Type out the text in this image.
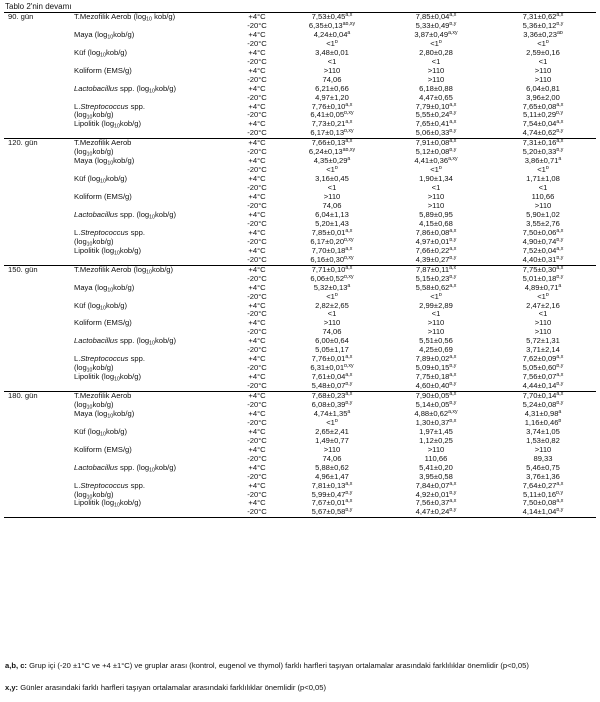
Tablo 2'nin devamı
90. gün	T.Mezofilik Aerob ($\log_{10}$ kob/g)	+4°C	$7,53\pm 0,45^{a,x}$	$7,85\pm 0,04^{a,x}$	$7,31\pm 0,62^{a,x}$
		-20°C	$6,35\pm 0,13^{ab,xy}$	$5,33\pm 0,49^{b,y}$	$5,36\pm 0,12^{b,y}$
	Maya $(\log_{10}kob/g)$	+4°C	4,24±0,04$^a$	$3,87\pm 0,49^{a,xy}$	3,36±0,23$^{ab}$
		-20°C	$<1^b$	$<1^b$	$<1^b$
	Küf $(\log_{10}kob/g)$	+4°C	3,48±0,01	2,80±0,28	2,59±0,16
		-20°C	<1	<1	<1
	Koliform (EMS/g)	+4°C	>110	>110	>110
		-20°C	74,06	>110	>110
	Lactobacillus spp. $(\log_{10}kob/g)$	+4°C	6,21±0,66	6,18±0,88	6,04±0,81
		-20°C	4,97±1,20	4,47±0,65	3,96±2,00
	L.Streptococcus spp.	+4°C	$7,76\pm 0,10^{a,x}$	$7,79\pm 0,10^{a,x}$	$7,65\pm 0,08^{a,x}$
	$(\log_{10}kob/g)$	-20°C	$6,41\pm 0,05^{b,xy}$	$5,55\pm 0,24^{b,y}$	$5,11\pm 0,29^{b,y}$
	Lipolitik $(\log_{10}kob/g)$	+4°C	$7,73\pm 0,21^{a,x}$	$7,65\pm 0,41^{a,x}$	$7,54\pm 0,04^{a,x}$
		-20°C	$6,17\pm 0,13^{b,xy}$	$5,06\pm 0,33^{b,y}$	$4,74\pm 0,62^{b,y}$
120. gün	T.Mezofilik Aerob	+4°C	$7,66\pm 0,13^{a,x}$	$7,91\pm 0,08^{a,x}$	$7,31\pm 0,16^{a,x}$
	$(\log_{10}kob/g)$	-20°C	$6,24\pm 0,13^{ab,xy}$	$5,12\pm 0,08^{b,y}$	$5,20\pm 0,33^{b,y}$
	Maya $(\log_{10}kob/g)$	+4°C	4,35±0,29$^a$	$4,41\pm 0,36^{a,xy}$	3,86±0,71$^a$
		-20°C	$<1^b$	$<1^b$	$<1^b$
	Küf $(\log_{10}kob/g)$	+4°C	3,16±0,45	1,90±1,34	1,71±1,08
		-20°C	<1	<1	<1
	Koliform (EMS/g)	+4°C	>110	>110	110,66
		-20°C	74,06	>110	>110
	Lactobacillus spp. $(\log_{10}kob/g)$	+4°C	6,04±1,13	5,89±0,95	5,90±1,02
		-20°C	5,20±1,43	4,15±0,68	3,55±2,76
	L.Streptococcus spp.	+4°C	$7,85\pm 0,01^{a,x}$	$7,86\pm 0,08^{a,x}$	$7,50\pm 0,06^{a,x}$
	$(\log_{10}kob/g)$	-20°C	$6,17\pm 0,20^{b,xy}$	$4,97\pm 0,01^{b,y}$	$4,90\pm 0,74^{b,y}$
	Lipolitik $(\log_{10}kob/g)$	+4°C	$7,70\pm 0,18^{a,x}$	$7,66\pm 0,22^{a,x}$	$7,52\pm 0,04^{a,x}$
		-20°C	$6,16\pm 0,30^{b,xy}$	$4,39\pm 0,27^{b,y}$	$4,40\pm 0,31^{b,y}$
150. gün	T.Mezofilik Aerob $(\log_{10}kob/g)$	+4°C	$7,71\pm 0,10^{a,x}$	$7,87\pm 0,11^{a,x}$	$7,75\pm 0,30^{a,x}$
		-20°C	$6,06\pm 0,52^{b,xy}$	$5,15\pm 0,23^{b,y}$	$5,01\pm 0,18^{b,y}$
	Maya $(\log_{10}kob/g)$	+4°C	5,32±0,13$^a$	$5,58\pm 0,62^{a,x}$	4,89±0,71$^a$
		-20°C	$<1^b$	$<1^b$	$<1^b$
	Küf $(\log_{10}kob/g)$	+4°C	2,82±2,65	2,99±2,89	2,47±2,16
		-20°C	<1	<1	<1
	Koliform (EMS/g)	+4°C	>110	>110	>110
		-20°C	74,06	>110	>110
	Lactobacillus spp. $(\log_{10}kob/g)$	+4°C	6,00±0,64	5,51±0,56	5,72±1,31
		-20°C	5,05±1,17	4,25±0,69	3,71±2,14
	L.Streptococcus spp.	+4°C	$7,76\pm 0,01^{a,x}$	$7,89\pm 0,02^{a,x}$	$7,62\pm 0,09^{a,x}$
	$(\log_{10}kob/g)$	-20°C	$6,31\pm 0,01^{b,xy}$	$5,09\pm 0,15^{b,y}$	$5,05\pm 0,60^{b,y}$
	Lipolitik $(\log_{10}kob/g)$	+4°C	$7,61\pm 0,04^{a,x}$	$7,75\pm 0,18^{a,x}$	$7,56\pm 0,07^{a,x}$
		-20°C	$5,48\pm 0,07^{b,y}$	$4,60\pm 0,40^{b,y}$	$4,44\pm 0,14^{b,y}$
180. gün	T.Mezofilik Aerob	+4°C	$7,68\pm 0,23^{a,x}$	$7,90\pm 0,05^{a,x}$	$7,70\pm 0,14^{a,x}$
	$(\log_{10}kob/g)$	-20°C	$6,08\pm 0,39^{b,y}$	$5,14\pm 0,05^{b,y}$	$5,24\pm 0,08^{b,y}$
	Maya $(\log_{10}kob/g)$	+4°C	4,74±1,35$^a$	$4,88\pm 0,62^{a,xy}$	4,31±0,98$^a$
		-20°C	$<1^b$	$1,30\pm 0,37^{b,x}$	1,16±0,46$^b$
	Küf $(\log_{10}kob/g)$	+4°C	2,65±2,41	1,97±1,45	3,74±1,05
		-20°C	1,49±0,77	1,12±0,25	1,53±0,82
	Koliform (EMS/g)	+4°C	>110	>110	>110
		-20°C	74,06	110,66	89,33
	Lactobacillus spp. $(\log_{10}kob/g)$	+4°C	5,88±0,62	5,41±0,20	5,46±0,75
		-20°C	4,96±1,47	3,95±0,58	3,76±1,36
	L.Streptococcus spp.	+4°C	$7,81\pm 0,13^{a,x}$	$7,84\pm 0,07^{a,x}$	$7,64\pm 0,27^{a,x}$
	$(\log_{10}kob/g)$	-20°C	$5,99\pm 0,47^{b,y}$	$4,92\pm 0,01^{b,y}$	$5,11\pm 0,16^{b,y}$
	Lipolitik $(\log_{10}kob/g)$	+4°C	$7,67\pm 0,01^{a,x}$	$7,56\pm 0,37^{a,x}$	$7,50\pm 0,08^{a,x}$
		-20°C	$5,67\pm 0,58^{b,y}$	$4,47\pm 0,24^{b,y}$	$4,14\pm 1,04^{b,y}$
a,b, c: Grup içi (-20 ±1°C ve +4 ±1°C) ve gruplar arası (kontrol, eugenol ve thymol) farklı harfleri taşıyan ortalamalar arasındaki farklılıklar önemlidir (p<0,05)
x,y: Günler arasındaki farklı harfleri taşıyan ortalamalar arasındaki farklılıklar önemlidir (p<0,05)
